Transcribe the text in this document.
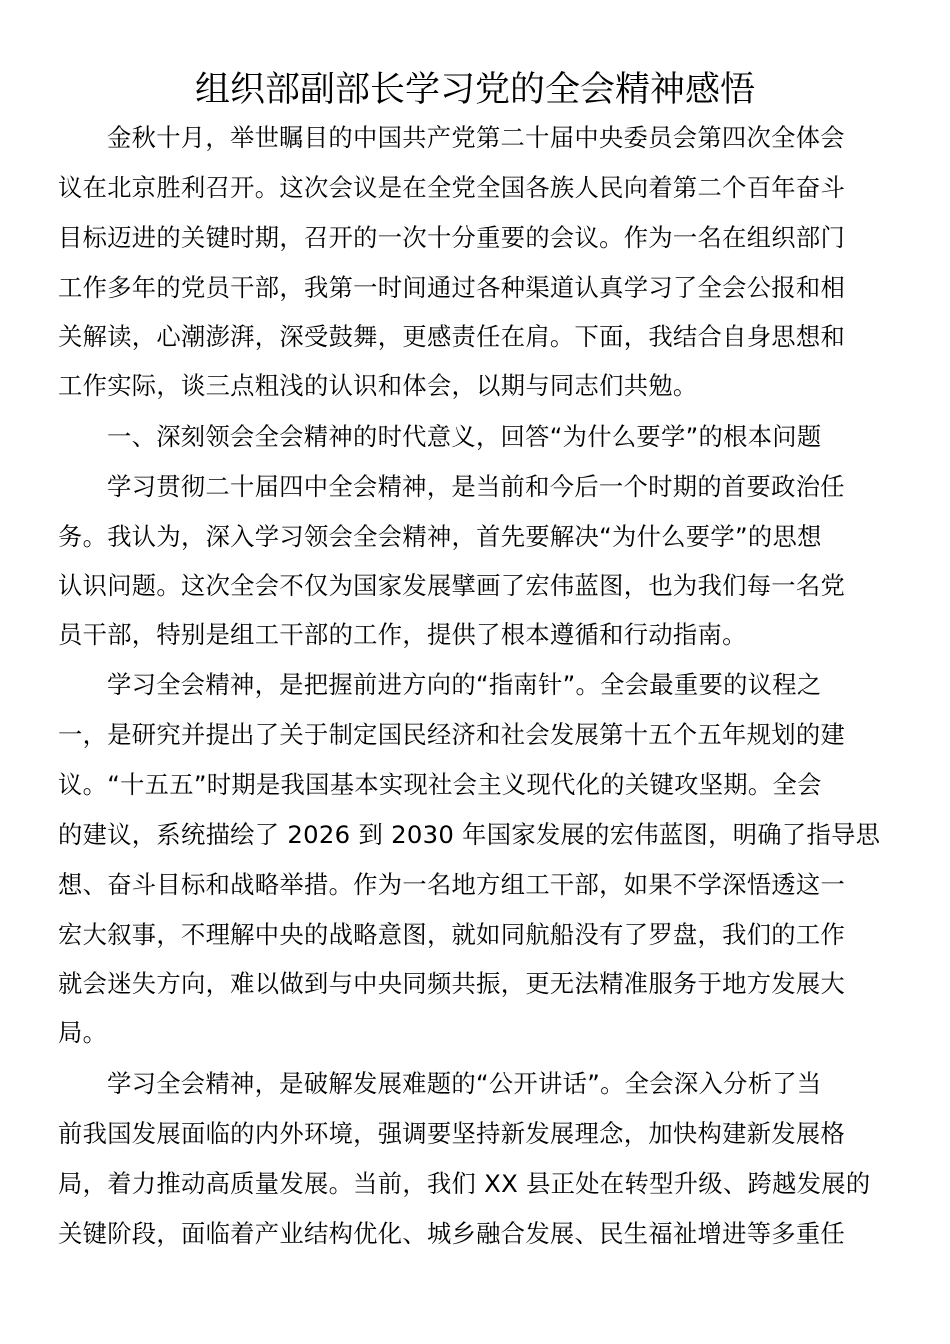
组织部副部长学习党的全会精神感悟
金秋十月，举世瞩目的中国共产党第二十届中央委员会第四次全体会
议在北京胜利召开。这次会议是在全党全国各族人民向着第二个百年奋斗
目标迈进的关键时期，召开的一次十分重要的会议。作为一名在组织部门
工作多年的党员干部，我第一时间通过各种渠道认真学习了全会公报和相
关解读，心潮澎湃，深受鼓舞，更感责任在肩。下面，我结合自身思想和
工作实际，谈三点粗浅的认识和体会，以期与同志们共勉。
一、深刻领会全会精神的时代意义，回答“为什么要学”的根本问题
学习贯彻二十届四中全会精神，是当前和今后一个时期的首要政治任
务。我认为，深入学习领会全会精神，首先要解决“为什么要学”的思想
认识问题。这次全会不仅为国家发展擘画了宏伟蓝图，也为我们每一名党
员干部，特别是组工干部的工作，提供了根本遵循和行动指南。
学习全会精神，是把握前进方向的“指南针”。全会最重要的议程之
一，是研究并提出了关于制定国民经济和社会发展第十五个五年规划的建
议。“十五五”时期是我国基本实现社会主义现代化的关键攻坚期。全会
的建议，系统描绘了 2026 到 2030 年国家发展的宏伟蓝图，明确了指导思
想、奋斗目标和战略举措。作为一名地方组工干部，如果不学深悟透这一
宏大叙事，不理解中央的战略意图，就如同航船没有了罗盘，我们的工作
就会迷失方向，难以做到与中央同频共振，更无法精准服务于地方发展大
局。
学习全会精神，是破解发展难题的“公开讲话”。全会深入分析了当
前我国发展面临的内外环境，强调要坚持新发展理念，加快构建新发展格
局，着力推动高质量发展。当前，我们 XX 县正处在转型升级、跨越发展的
关键阶段，面临着产业结构优化、城乡融合发展、民生福祉增进等多重任
